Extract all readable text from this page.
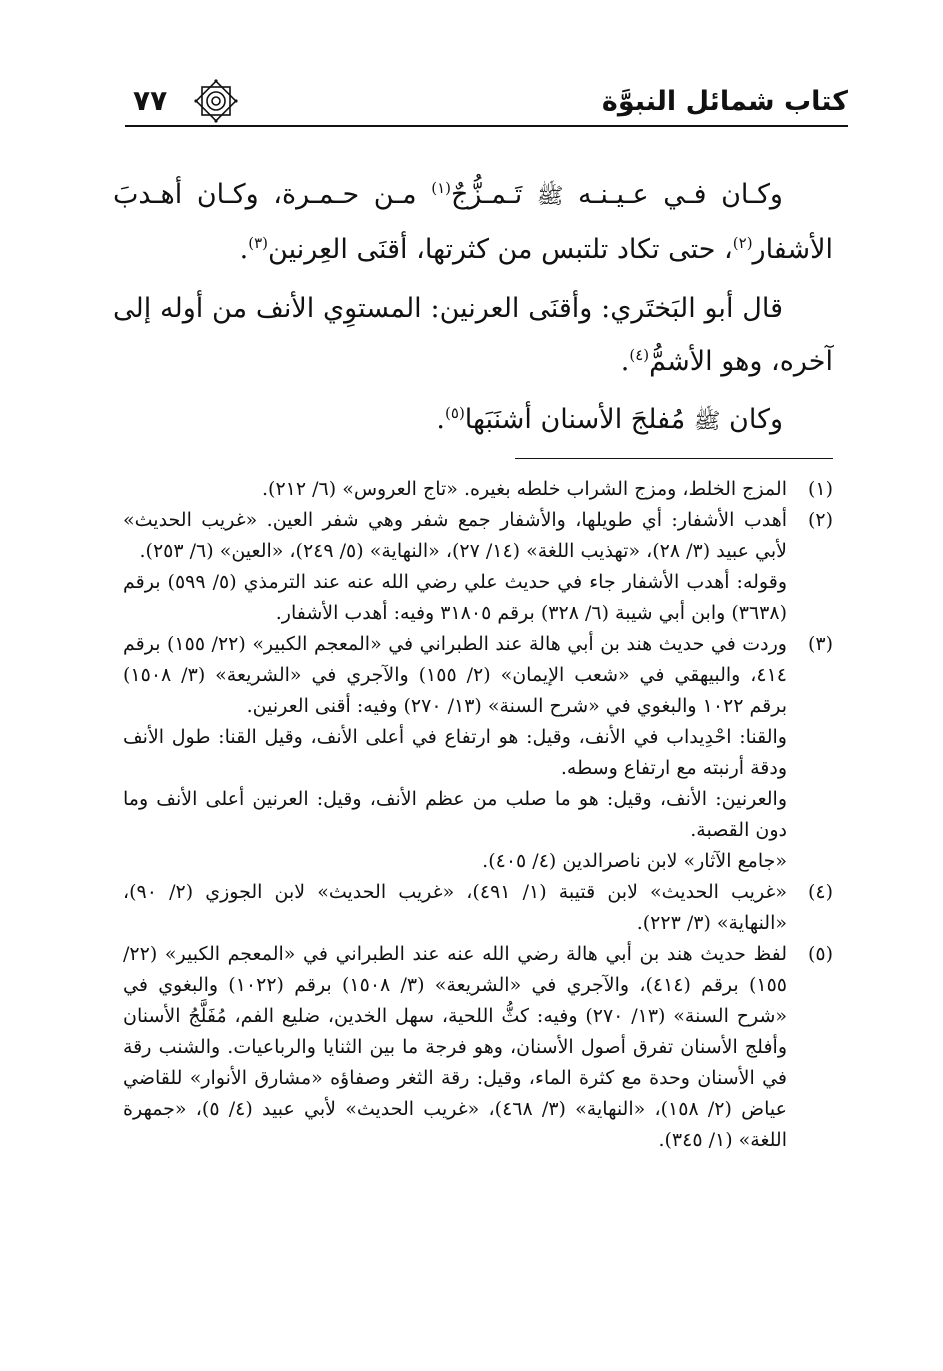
كتاب شمائل النبوَّة
٧٧

وكـان فـي عـيـنـه ﷺ تَـمـزُّجٌ$^{(١)}$ مـن حـمـرة، وكـان أهـدبَ الأشفار$^{(٢)}$، حتى تكاد تلتبس من كثرتها، أقنَى العِرنين$^{(٣)}$.

قال أبو البَختَري: وأقنَى العرنين: المستوِي الأنف من أوله إلى آخره، وهو الأشمُّ$^{(٤)}$.

وكان ﷺ مُفلجَ الأسنان أشنَبَها$^{(٥)}$.

(١)

المزج الخلط، ومزج الشراب خلطه بغيره. «تاج العروس» (٦/ ٢١٢).

(٢)

أهدب الأشفار: أي طويلها، والأشفار جمع شفر وهي شفر العين. «غريب الحديث» لأبي عبيد (٣/ ٢٨)، «تهذيب اللغة» (١٤/ ٢٧)، «النهاية» (٥/ ٢٤٩)، «العين» (٦/ ٢٥٣).

وقوله: أهدب الأشفار جاء في حديث علي رضي الله عنه عند الترمذي (٥/ ٥٩٩) برقم (٣٦٣٨) وابن أبي شيبة (٦/ ٣٢٨) برقم ٣١٨٠٥ وفيه: أهدب الأشفار.

(٣)

وردت في حديث هند بن أبي هالة عند الطبراني في «المعجم الكبير» (٢٢/ ١٥٥) برقم ٤١٤، والبيهقي في «شعب الإيمان» (٢/ ١٥٥) والآجري في «الشريعة» (٣/ ١٥٠٨) برقم ١٠٢٢ والبغوي في «شرح السنة» (١٣/ ٢٧٠) وفيه: أقنى العرنين.

والقنا: احْدِيداب في الأنف، وقيل: هو ارتفاع في أعلى الأنف، وقيل القنا: طول الأنف ودقة أرنبته مع ارتفاع وسطه.

والعرنين: الأنف، وقيل: هو ما صلب من عظم الأنف، وقيل: العرنين أعلى الأنف وما دون القصبة.

«جامع الآثار» لابن ناصرالدين (٤/ ٤٠٥).

(٤)

«غريب الحديث» لابن قتيبة (١/ ٤٩١)، «غريب الحديث» لابن الجوزي (٢/ ٩٠)، «النهاية» (٣/ ٢٢٣).

(٥)

لفظ حديث هند بن أبي هالة رضي الله عنه عند الطبراني في «المعجم الكبير» (٢٢/ ١٥٥) برقم (٤١٤)، والآجري في «الشريعة» (٣/ ١٥٠٨) برقم (١٠٢٢) والبغوي في «شرح السنة» (١٣/ ٢٧٠) وفيه: كثُّ اللحية، سهل الخدين، ضليع الفم، مُفَلَّجُ الأسنان وأفلج الأسنان تفرق أصول الأسنان، وهو فرجة ما بين الثنايا والرباعيات. والشنب رقة في الأسنان وحدة مع كثرة الماء، وقيل: رقة الثغر وصفاؤه «مشارق الأنوار» للقاضي عياض (٢/ ١٥٨)، «النهاية» (٣/ ٤٦٨)، «غريب الحديث» لأبي عبيد (٤/ ٥)، «جمهرة اللغة» (١/ ٣٤٥).
